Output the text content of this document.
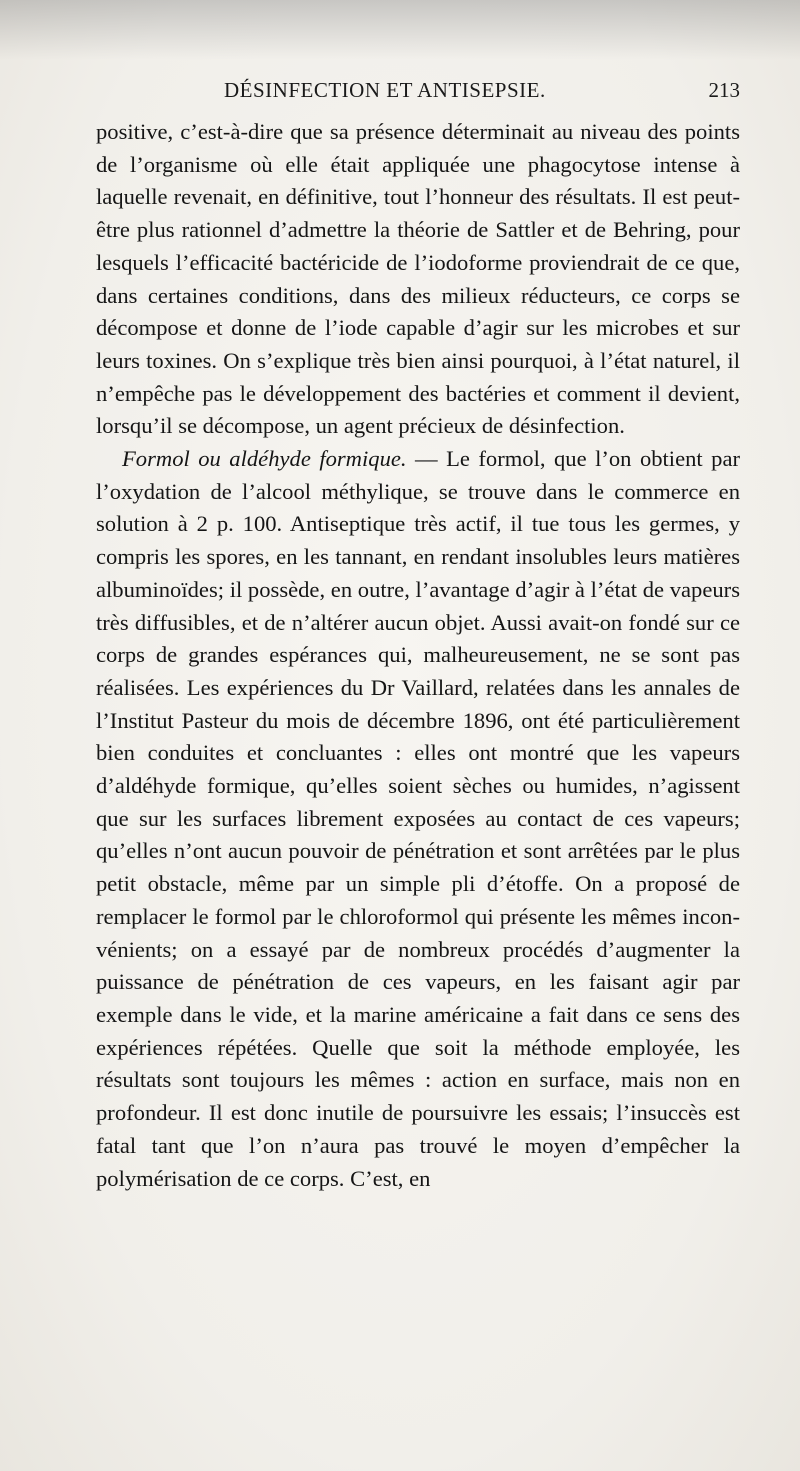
DÉSINFECTION ET ANTISEPSIE.	213

positive, c’est-à-dire que sa présence déterminait au niveau des points de l’organisme où elle était appliquée une phagocytose intense à laquelle revenait, en définitive, tout l’honneur des résultats. Il est peut-être plus rationnel d’admettre la théorie de Sattler et de Behring, pour lesquels l’efficacité bactéricide de l’iodoforme proviendrait de ce que, dans certaines conditions, dans des milieux réducteurs, ce corps se décompose et donne de l’iode capable d’agir sur les microbes et sur leurs toxines. On s’explique très bien ainsi pourquoi, à l’état naturel, il n’empêche pas le développement des bactéries et comment il devient, lorsqu’il se décompose, un agent précieux de désinfection.

Formol ou aldéhyde formique. — Le formol, que l’on obtient par l’oxydation de l’alcool méthylique, se trouve dans le commerce en solution à 2 p. 100. Antiseptique très actif, il tue tous les germes, y compris les spores, en les tannant, en rendant insolubles leurs matières albuminoïdes; il possède, en outre, l’avantage d’agir à l’état de vapeurs très diffusibles, et de n’altérer aucun objet. Aussi avait-on fondé sur ce corps de grandes espérances qui, malheureusement, ne se sont pas réalisées. Les expériences du Dr Vaillard, relatées dans les annales de l’Institut Pasteur du mois de décembre 1896, ont été particulièrement bien conduites et concluantes : elles ont montré que les vapeurs d’aldéhyde formique, qu’elles soient sèches ou humides, n’agissent que sur les surfaces librement exposées au contact de ces vapeurs; qu’elles n’ont aucun pouvoir de pénétration et sont arrêtées par le plus petit obstacle, même par un simple pli d’étoffe. On a proposé de remplacer le formol par le chloroformol qui présente les mêmes inconvénients; on a essayé par de nombreux procédés d’augmenter la puissance de pénétration de ces vapeurs, en les faisant agir par exemple dans le vide, et la marine américaine a fait dans ce sens des expériences répétées. Quelle que soit la méthode employée, les résultats sont toujours les mêmes : action en surface, mais non en profondeur. Il est donc inutile de poursuivre les essais; l’insuccès est fatal tant que l’on n’aura pas trouvé le moyen d’empêcher la polymérisation de ce corps. C’est, en
